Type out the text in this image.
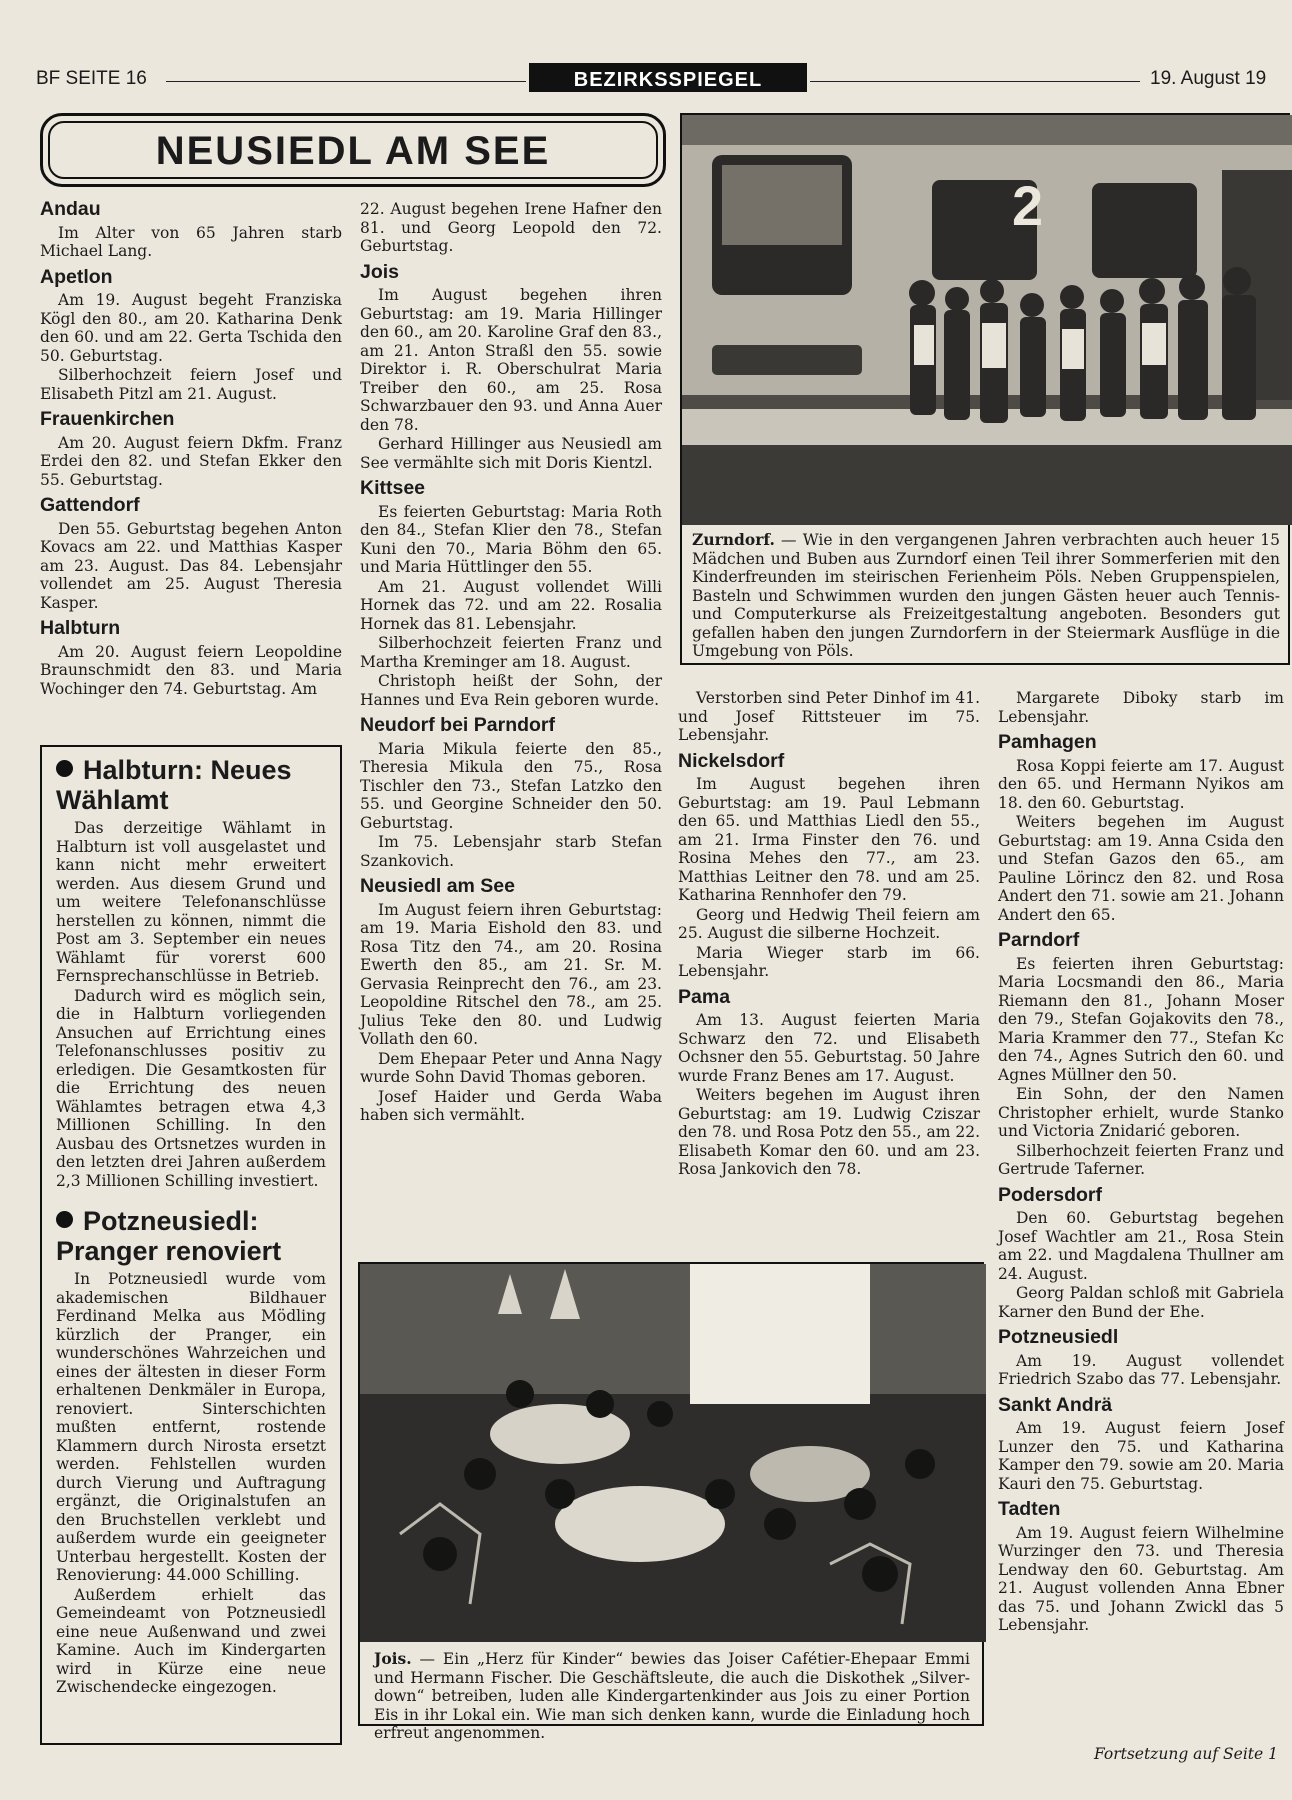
BF SEITE 16	BEZIRKSSPIEGEL	19. August 19
NEUSIEDL AM SEE
Andau

Im Alter von 65 Jahren starb Michael Lang.

Apetlon

Am 19. August begeht Franziska Kögl den 80., am 20. Katharina Denk den 60. und am 22. Gerta Tschida den 50. Geburtstag.

Silberhochzeit feiern Josef und Elisabeth Pitzl am 21. August.

Frauenkirchen

Am 20. August feiern Dkfm. Franz Erdei den 82. und Stefan Ekker den 55. Geburtstag.

Gattendorf

Den 55. Geburtstag begehen Anton Kovacs am 22. und Matthias Kasper am 23. August. Das 84. Lebensjahr vollendet am 25. August Theresia Kasper.

Halbturn

Am 20. August feiern Leopoldine Braunschmidt den 83. und Maria Wochinger den 74. Geburtstag. Am

Halbturn: Neues Wählamt

Das derzeitige Wählamt in Halbturn ist voll ausgelastet und kann nicht mehr erweitert werden. Aus diesem Grund und um weitere Telefonanschlüsse herstellen zu können, nimmt die Post am 3. September ein neues Wählamt für vorerst 600 Fernsprechanschlüsse in Betrieb.

Dadurch wird es möglich sein, die in Halbturn vorliegenden Ansuchen auf Errichtung eines Telefonanschlusses positiv zu erledigen. Die Gesamtkosten für die Errichtung des neuen Wählamtes betragen etwa 4,3 Millionen Schilling. In den Ausbau des Ortsnetzes wurden in den letzten drei Jahren außerdem 2,3 Millionen Schilling investiert.

Potzneusiedl: Pranger renoviert

In Potzneusiedl wurde vom akademischen Bildhauer Ferdinand Melka aus Mödling kürzlich der Pranger, ein wunderschönes Wahrzeichen und eines der ältesten in dieser Form erhaltenen Denkmäler in Europa, renoviert. Sinterschichten mußten entfernt, rostende Klammern durch Nirosta ersetzt werden. Fehlstellen wurden durch Vierung und Auftragung ergänzt, die Originalstufen an den Bruchstellen verklebt und außerdem wurde ein geeigneter Unterbau hergestellt. Kosten der Renovierung: 44.000 Schilling.

Außerdem erhielt das Gemeindeamt von Potzneusiedl eine neue Außenwand und zwei Kamine. Auch im Kindergarten wird in Kürze eine neue Zwischendecke eingezogen.

22. August begehen Irene Hafner den 81. und Georg Leopold den 72. Geburtstag.

Jois

Im August begehen ihren Geburtstag: am 19. Maria Hillinger den 60., am 20. Karoline Graf den 83., am 21. Anton Straßl den 55. sowie Direktor i. R. Oberschulrat Maria Treiber den 60., am 25. Rosa Schwarzbauer den 93. und Anna Auer den 78.

Gerhard Hillinger aus Neusiedl am See vermählte sich mit Doris Kientzl.

Kittsee

Es feierten Geburtstag: Maria Roth den 84., Stefan Klier den 78., Stefan Kuni den 70., Maria Böhm den 65. und Maria Hüttlinger den 55.

Am 21. August vollendet Willi Hornek das 72. und am 22. Rosalia Hornek das 81. Lebensjahr.

Silberhochzeit feierten Franz und Martha Kreminger am 18. August.

Christoph heißt der Sohn, der Hannes und Eva Rein geboren wurde.

Neudorf bei Parndorf

Maria Mikula feierte den 85., Theresia Mikula den 75., Rosa Tischler den 73., Stefan Latzko den 55. und Georgine Schneider den 50. Geburtstag.

Im 75. Lebensjahr starb Stefan Szankovich.

Neusiedl am See

Im August feiern ihren Geburtstag: am 19. Maria Eishold den 83. und Rosa Titz den 74., am 20. Rosina Ewerth den 85., am 21. Sr. M. Gervasia Reinprecht den 76., am 23. Leopoldine Ritschel den 78., am 25. Julius Teke den 80. und Ludwig Vollath den 60.

Dem Ehepaar Peter und Anna Nagy wurde Sohn David Thomas geboren.

Josef Haider und Gerda Waba haben sich vermählt.

2
Zurndorf. — Wie in den vergangenen Jahren verbrachten auch heuer 15 Mädchen und Buben aus Zurndorf einen Teil ihrer Sommerferien mit den Kinderfreunden im steirischen Ferienheim Pöls. Neben Gruppenspielen, Basteln und Schwimmen wurden den jungen Gästen heuer auch Tennis- und Computerkurse als Freizeitgestaltung angeboten. Besonders gut gefallen haben den jungen Zurndorfern in der Steiermark Ausflüge in die Umgebung von Pöls.

Verstorben sind Peter Dinhof im 41. und Josef Rittsteuer im 75. Lebensjahr.

Nickelsdorf

Im August begehen ihren Geburtstag: am 19. Paul Lebmann den 65. und Matthias Liedl den 55., am 21. Irma Finster den 76. und Rosina Mehes den 77., am 23. Matthias Leitner den 78. und am 25. Katharina Rennhofer den 79.

Georg und Hedwig Theil feiern am 25. August die silberne Hochzeit.

Maria Wieger starb im 66. Lebensjahr.

Pama

Am 13. August feierten Maria Schwarz den 72. und Elisabeth Ochsner den 55. Geburtstag. 50 Jahre wurde Franz Benes am 17. August.

Weiters begehen im August ihren Geburtstag: am 19. Ludwig Cziszar den 78. und Rosa Potz den 55., am 22. Elisabeth Komar den 60. und am 23. Rosa Jankovich den 78.

Margarete Diboky starb im Lebensjahr.

Pamhagen

Rosa Koppi feierte am 17. August den 65. und Hermann Nyikos am 18. den 60. Geburtstag.

Weiters begehen im August Geburtstag: am 19. Anna Csida den und Stefan Gazos den 65., am Pauline Lörincz den 82. und Rosa Andert den 71. sowie am 21. Johann Andert den 65.

Parndorf

Es feierten ihren Geburtstag: Maria Locsmandi den 86., Maria Riemann den 81., Johann Moser den 79., Stefan Gojakovits den 78., Maria Krammer den 77., Stefan Kc den 74., Agnes Sutrich den 60. und Agnes Müllner den 50.

Ein Sohn, der den Namen Christopher erhielt, wurde Stanko und Victoria Znidarić geboren.

Silberhochzeit feierten Franz und Gertrude Taferner.

Podersdorf

Den 60. Geburtstag begehen Josef Wachtler am 21., Rosa Stein am 22. und Magdalena Thullner am 24. August.

Georg Paldan schloß mit Gabriela Karner den Bund der Ehe.

Potzneusiedl

Am 19. August vollendet Friedrich Szabo das 77. Lebensjahr.

Sankt Andrä

Am 19. August feiern Josef Lunzer den 75. und Katharina Kamper den 79. sowie am 20. Maria Kauri den 75. Geburtstag.

Tadten

Am 19. August feiern Wilhelmine Wurzinger den 73. und Theresia Lendway den 60. Geburtstag. Am 21. August vollenden Anna Ebner das 75. und Johann Zwickl das 5 Lebensjahr.

Fortsetzung auf Seite 1
Jois. — Ein „Herz für Kinder“ bewies das Joiser Cafétier-Ehepaar Emmi und Hermann Fischer. Die Geschäftsleute, die auch die Diskothek „Silver-down“ betreiben, luden alle Kindergartenkinder aus Jois zu einer Portion Eis in ihr Lokal ein. Wie man sich denken kann, wurde die Einladung hoch erfreut angenommen.
